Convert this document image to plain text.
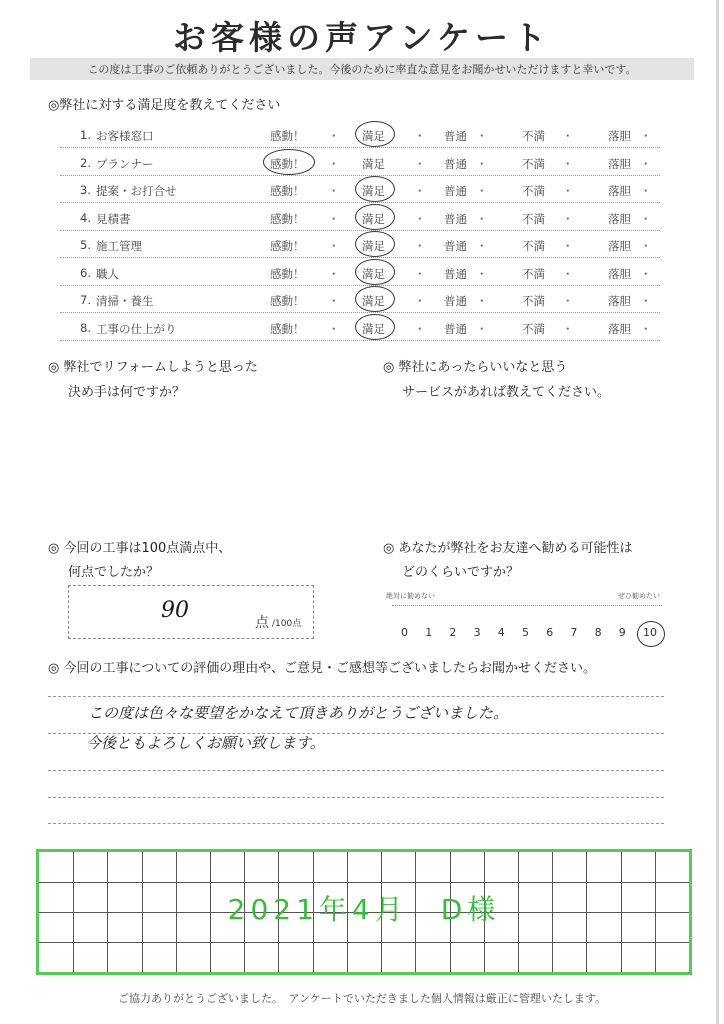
お客様の声アンケート
この度は工事のご依頼ありがとうございました。今後のために率直な意見をお聞かせいただけますと幸いです。
◎弊社に対する満足度を教えてください
1. お客様窓口	感動！	満足	普通	不満	落胆
・	・	・	・	・
2. プランナー	感動！	満足	普通	不満	落胆
・	・	・	・	・
3. 提案・お打合せ	感動！	満足	普通	不満	落胆
・	・	・	・	・
4. 見積書	感動！	満足	普通	不満	落胆
・	・	・	・	・
5. 施工管理	感動！	満足	普通	不満	落胆
・	・	・	・	・
6. 職人	感動！	満足	普通	不満	落胆
・	・	・	・	・
7. 清掃・養生	感動！	満足	普通	不満	落胆
・	・	・	・	・
8. 工事の仕上がり	感動！	満足	普通	不満	落胆
・	・	・	・	・
◎ 弊社でリフォームしようと思った
決め手は何ですか？
◎ 弊社にあったらいいなと思う
サービスがあれば教えてください。
◎ 今回の工事は100点満点中、
何点でしたか？
90	点 /100点
◎ あなたが弊社をお友達へ勧める可能性は
どのくらいですか？
絶対に勧めない	ぜひ勧めたい
0 1 2 3 4 5 6 7 8 9 10
◎ 今回の工事についての評価の理由や、ご意見・ご感想等ございましたらお聞かせください。
この度は色々な要望をかなえて頂きありがとうございました。
今後ともよろしくお願い致します。
2021年4月　D様
ご協力ありがとうございました。　アンケートでいただきました個人情報は厳正に管理いたします。
